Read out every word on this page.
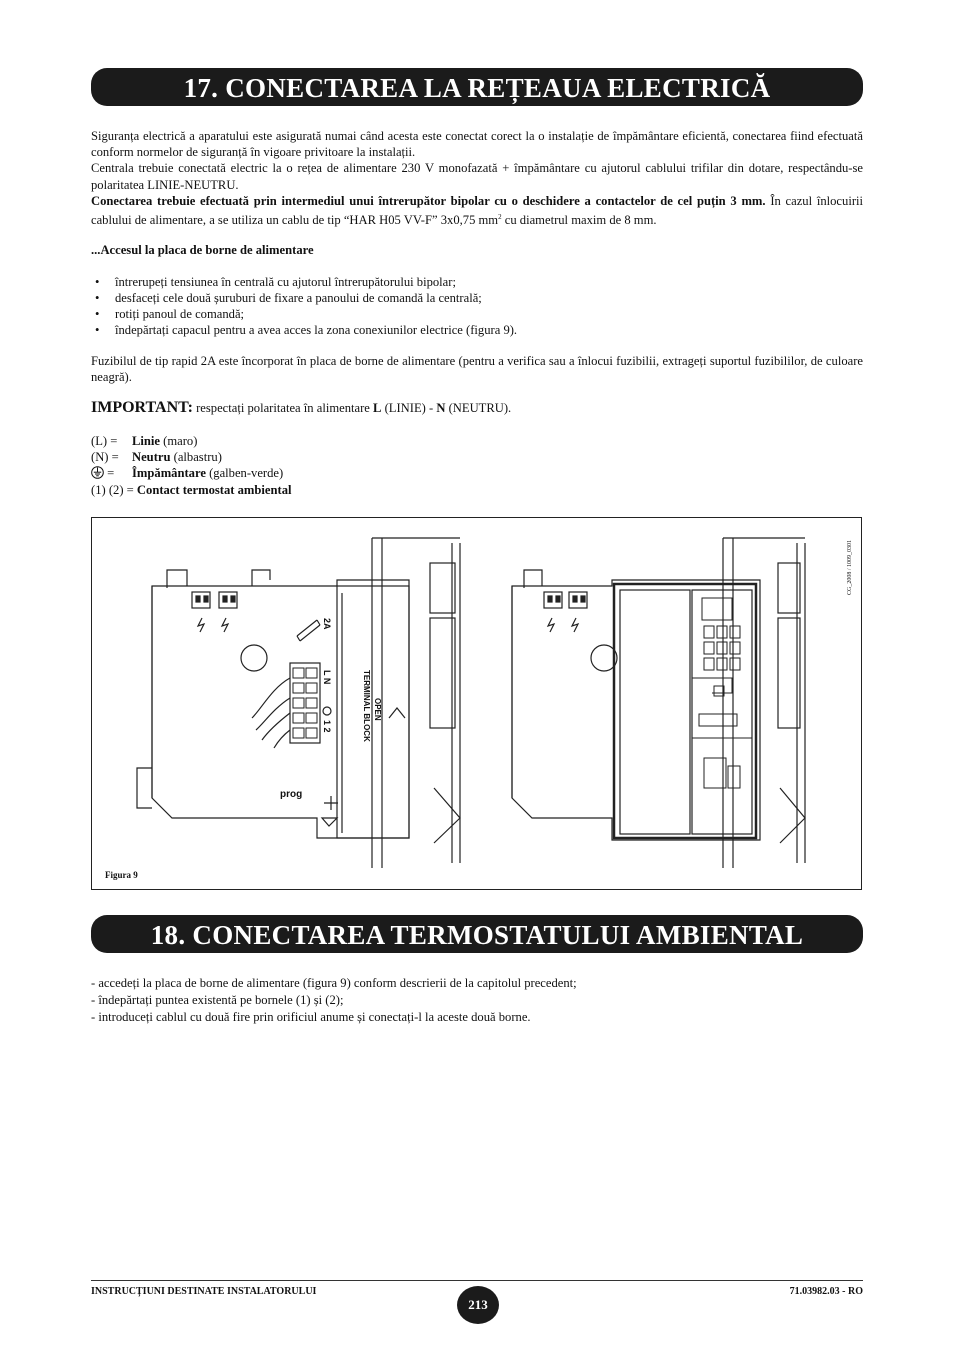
17. CONECTAREA LA REȚEAUA ELECTRICĂ

Siguranța electrică a aparatului este asigurată numai când acesta este conectat corect la o instalație de împământare eficientă, conectarea fiind efectuată conform normelor de siguranță în vigoare privitoare la instalații.

Centrala trebuie conectată electric la o rețea de alimentare 230 V monofazată + împământare cu ajutorul cablului trifilar din dotare, respectându-se polaritatea LINIE-NEUTRU.

Conectarea trebuie efectuată prin intermediul unui întrerupător bipolar cu o deschidere a contactelor de cel puțin 3 mm. În cazul înlocuirii cablului de alimentare, a se utiliza un cablu de tip “HAR H05 VV-F” 3x0,75 $mm^2$ cu diametrul maxim de 8 mm.

...Accesul la placa de borne de alimentare
• întrerupeți tensiunea în centrală cu ajutorul întrerupătorului bipolar;
• desfaceți cele două șuruburi de fixare a panoului de comandă la centrală;
• rotiți panoul de comandă;
• îndepărtați capacul pentru a avea acces la zona conexiunilor electrice (figura 9).
Fuzibilul de tip rapid 2A este încorporat în placa de borne de alimentare (pentru a verifica sau a înlocui fuzibilii, extrageți suportul fuzibililor, de culoare neagră).
IMPORTANT: respectați polaritatea în alimentare L (LINIE) - N (NEUTRU).
(L) = Linie (maro)
(N) = Neutru (albastru)
= Împământare (galben-verde)
(1) (2) = Contact termostat ambiental
2A
L N
1 2
OPEN
TERMINAL BLOCK
prog
CG_2008 / 1009_0301
Figura 9
18. CONECTAREA TERMOSTATULUI AMBIENTAL

- accedeți la placa de borne de alimentare (figura 9) conform descrierii de la capitolul precedent;

- îndepărtați puntea existentă pe bornele (1) și (2);

- introduceți cablul cu două fire prin orificiul anume și conectați-l la aceste două borne.

INSTRUCȚIUNI DESTINATE INSTALATORULUI
213
71.03982.03 - RO
